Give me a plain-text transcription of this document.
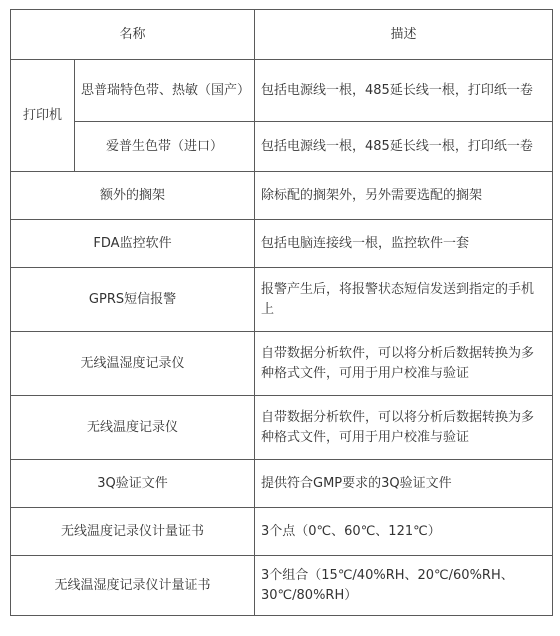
名称		描述
打印机	思普瑞特色带、热敏（国产）	包括电源线一根，485延长线一根，打印纸一卷
	爱普生色带（进口）	包括电源线一根，485延长线一根，打印纸一卷
额外的搁架		除标配的搁架外，另外需要选配的搁架
FDA监控软件		包括电脑连接线一根，监控软件一套
GPRS短信报警		报警产生后，将报警状态短信发送到指定的手机上
无线温湿度记录仪		自带数据分析软件，可以将分析后数据转换为多种格式文件，可用于用户校准与验证
无线温度记录仪		自带数据分析软件，可以将分析后数据转换为多种格式文件，可用于用户校准与验证
3Q验证文件		提供符合GMP要求的3Q验证文件
无线温度记录仪计量证书		3个点（0℃、60℃、121℃）
无线温湿度记录仪计量证书		3个组合（15℃/40%RH、20℃/60%RH、30℃/80%RH）
